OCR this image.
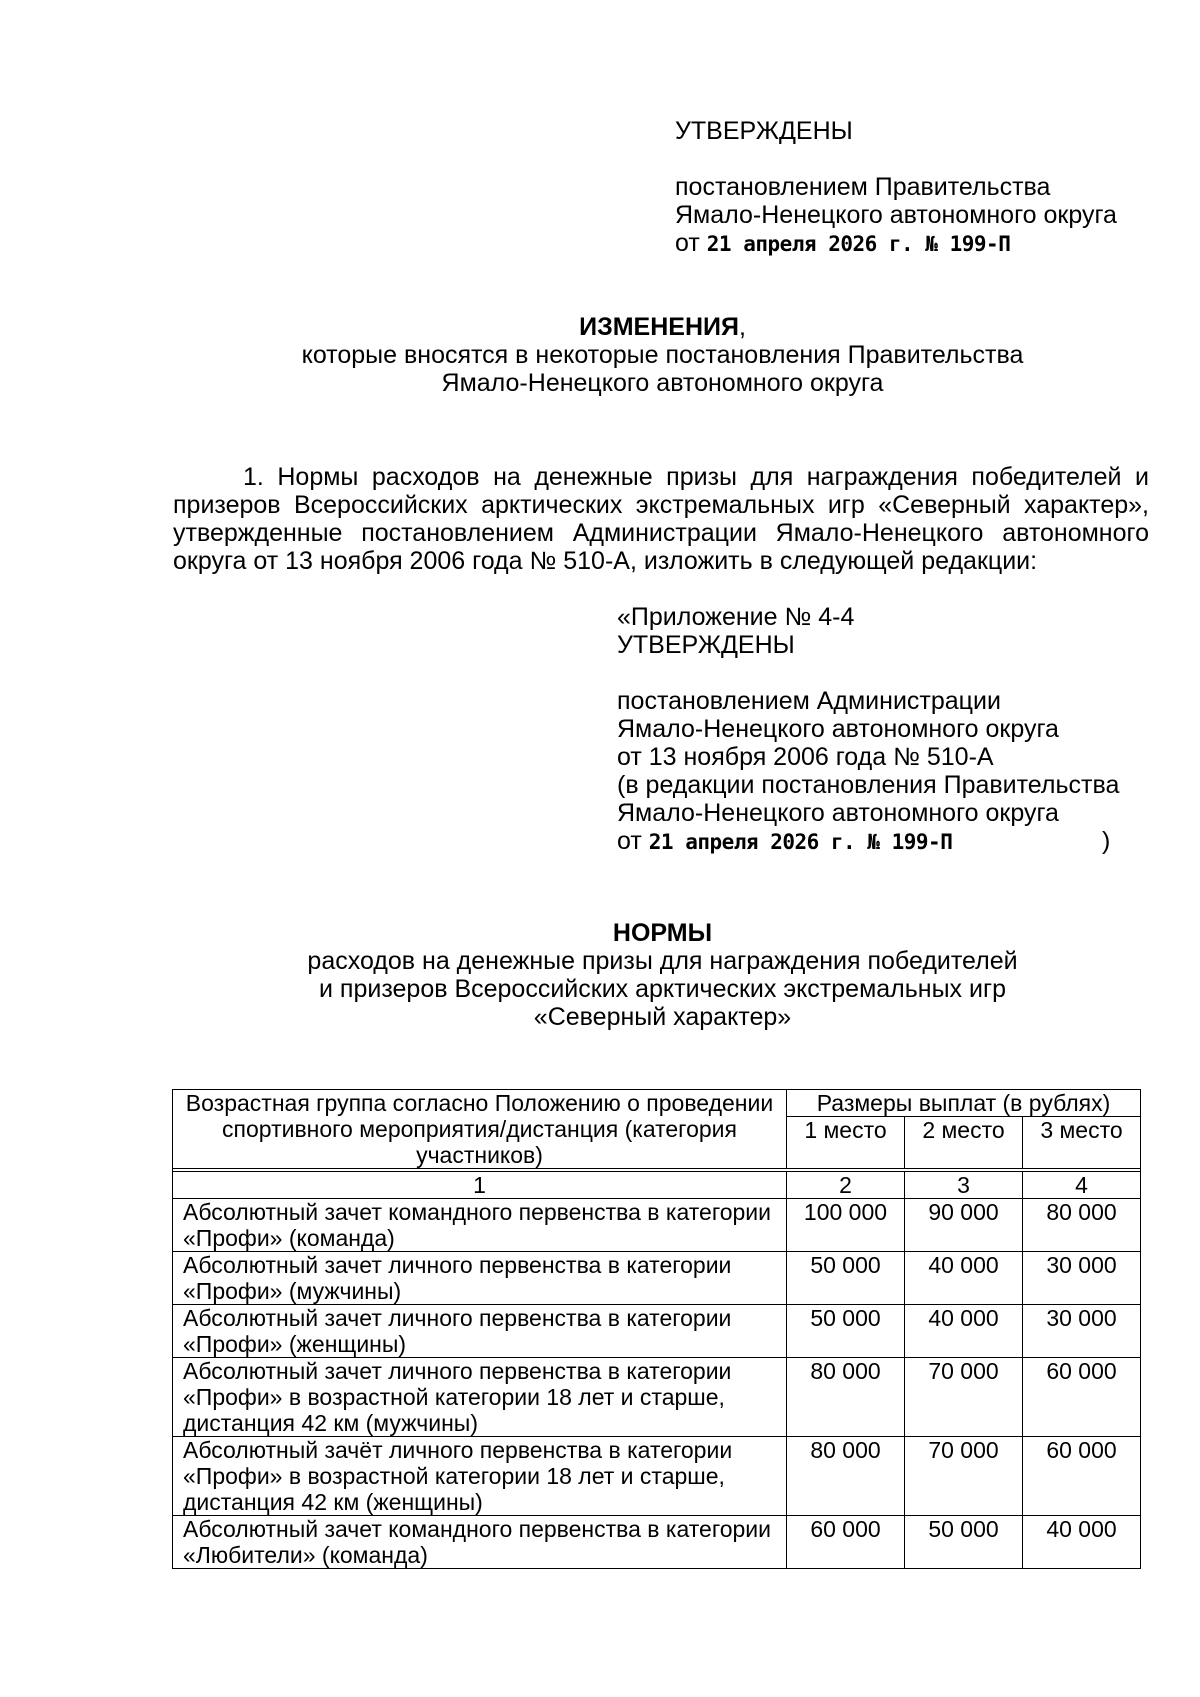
УТВЕРЖДЕНЫ

постановлением Правительства

Ямало-Ненецкого автономного округа

от 21 апреля 2026 г. № 199-П

ИЗМЕНЕНИЯ,

которые вносятся в некоторые постановления Правительства

Ямало-Ненецкого автономного округа

1. Нормы расходов на денежные призы для награждения победителей и призеров Всероссийских арктических экстремальных игр «Северный характер», утвержденные постановлением Администрации Ямало-Ненецкого автономного округа от 13 ноября 2006 года № 510-А, изложить в следующей редакции:

«Приложение № 4-4

УТВЕРЖДЕНЫ

постановлением Администрации

Ямало-Ненецкого автономного округа

от 13 ноября 2006 года № 510-А

(в редакции постановления Правительства

Ямало-Ненецкого автономного округа

от 21 апреля 2026 г. № 199-П	)

НОРМЫ

расходов на денежные призы для награждения победителей

и призеров Всероссийских арктических экстремальных игр

«Северный характер»

Возрастная группа согласно Положению о проведении спортивного мероприятия/дистанция (категория участников)	Размеры выплат (в рублях)		
	1 место	2 место	3 место

1	2	3	4
Абсолютный зачет командного первенства в категории «Профи» (команда)	100 000	90 000	80 000
Абсолютный зачет личного первенства в категории «Профи» (мужчины)	50 000	40 000	30 000
Абсолютный зачет личного первенства в категории «Профи» (женщины)	50 000	40 000	30 000
Абсолютный зачет личного первенства в категории «Профи» в возрастной категории 18 лет и старше, дистанция 42 км (мужчины)	80 000	70 000	60 000
Абсолютный зачёт личного первенства в категории «Профи» в возрастной категории 18 лет и старше, дистанция 42 км (женщины)	80 000	70 000	60 000
Абсолютный зачет командного первенства в категории «Любители» (команда)	60 000	50 000	40 000
